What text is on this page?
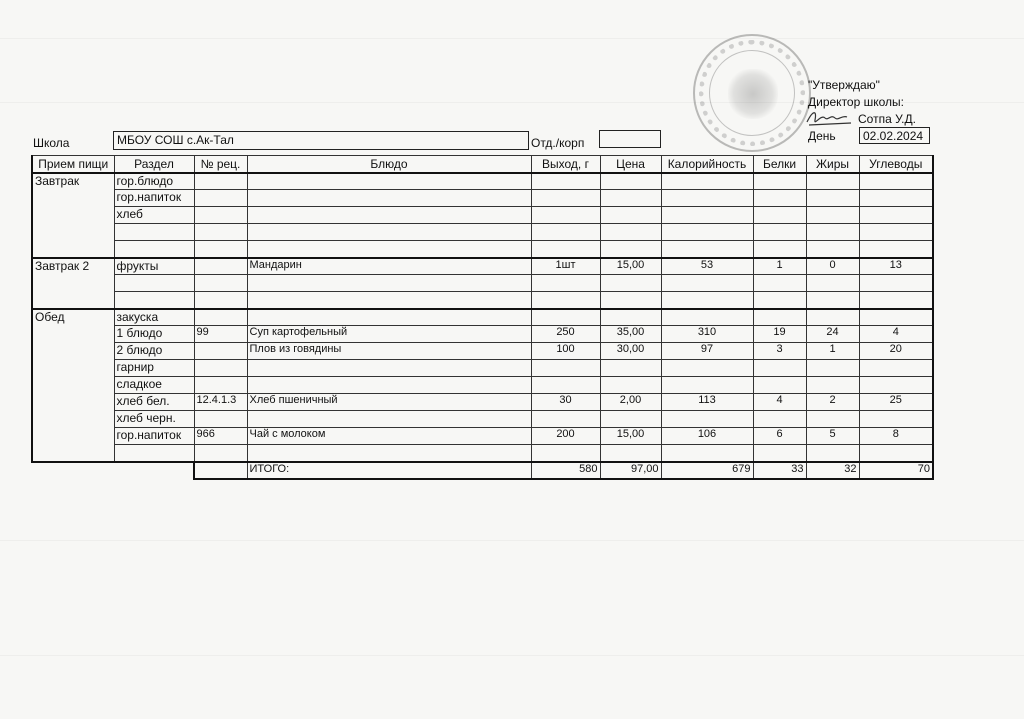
"Утверждаю"
Директор школы:
Сотпа У.Д.
День 02.02.2024
Школа	МБОУ СОШ с.Ак-Тал	Отд./корп
Прием пищи	Раздел	№ рец.	Блюдо	Выход, г	Цена	Калорийность	Белки	Жиры	Углеводы
Завтрак	гор.блюдо								
	гор.напиток								
	хлеб								

Завтрак 2	фрукты		Мандарин	1шт	15,00	53	1	0	13

Обед	закуска								
	1 блюдо	99	Суп картофельный	250	35,00	310	19	24	4
	2 блюдо		Плов из говядины	100	30,00	97	3	1	20
	гарнир								
	сладкое								
	хлеб бел.	12.4.1.3	Хлеб пшеничный	30	2,00	113	4	2	25
	хлеб черн.								
	гор.напиток	966	Чай с молоком	200	15,00	106	6	5	8

			ИТОГО:	580	97,00	679	33	32	70
